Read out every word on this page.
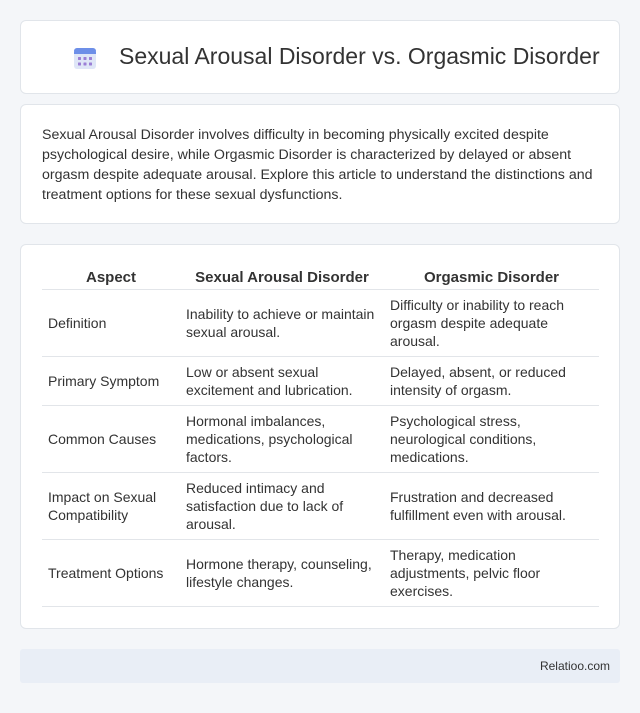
Sexual Arousal Disorder vs. Orgasmic Disorder

Sexual Arousal Disorder involves difficulty in becoming physically excited despite psychological desire, while Orgasmic Disorder is characterized by delayed or absent orgasm despite adequate arousal. Explore this article to understand the distinctions and treatment options for these sexual dysfunctions.

Aspect	Sexual Arousal Disorder	Orgasmic Disorder
Definition	Inability to achieve or maintain sexual arousal.	Difficulty or inability to reach orgasm despite adequate arousal.
Primary Symptom	Low or absent sexual excitement and lubrication.	Delayed, absent, or reduced intensity of orgasm.
Common Causes	Hormonal imbalances, medications, psychological factors.	Psychological stress, neurological conditions, medications.
Impact on Sexual Compatibility	Reduced intimacy and satisfaction due to lack of arousal.	Frustration and decreased fulfillment even with arousal.
Treatment Options	Hormone therapy, counseling, lifestyle changes.	Therapy, medication adjustments, pelvic floor exercises.
Relatioo.com
